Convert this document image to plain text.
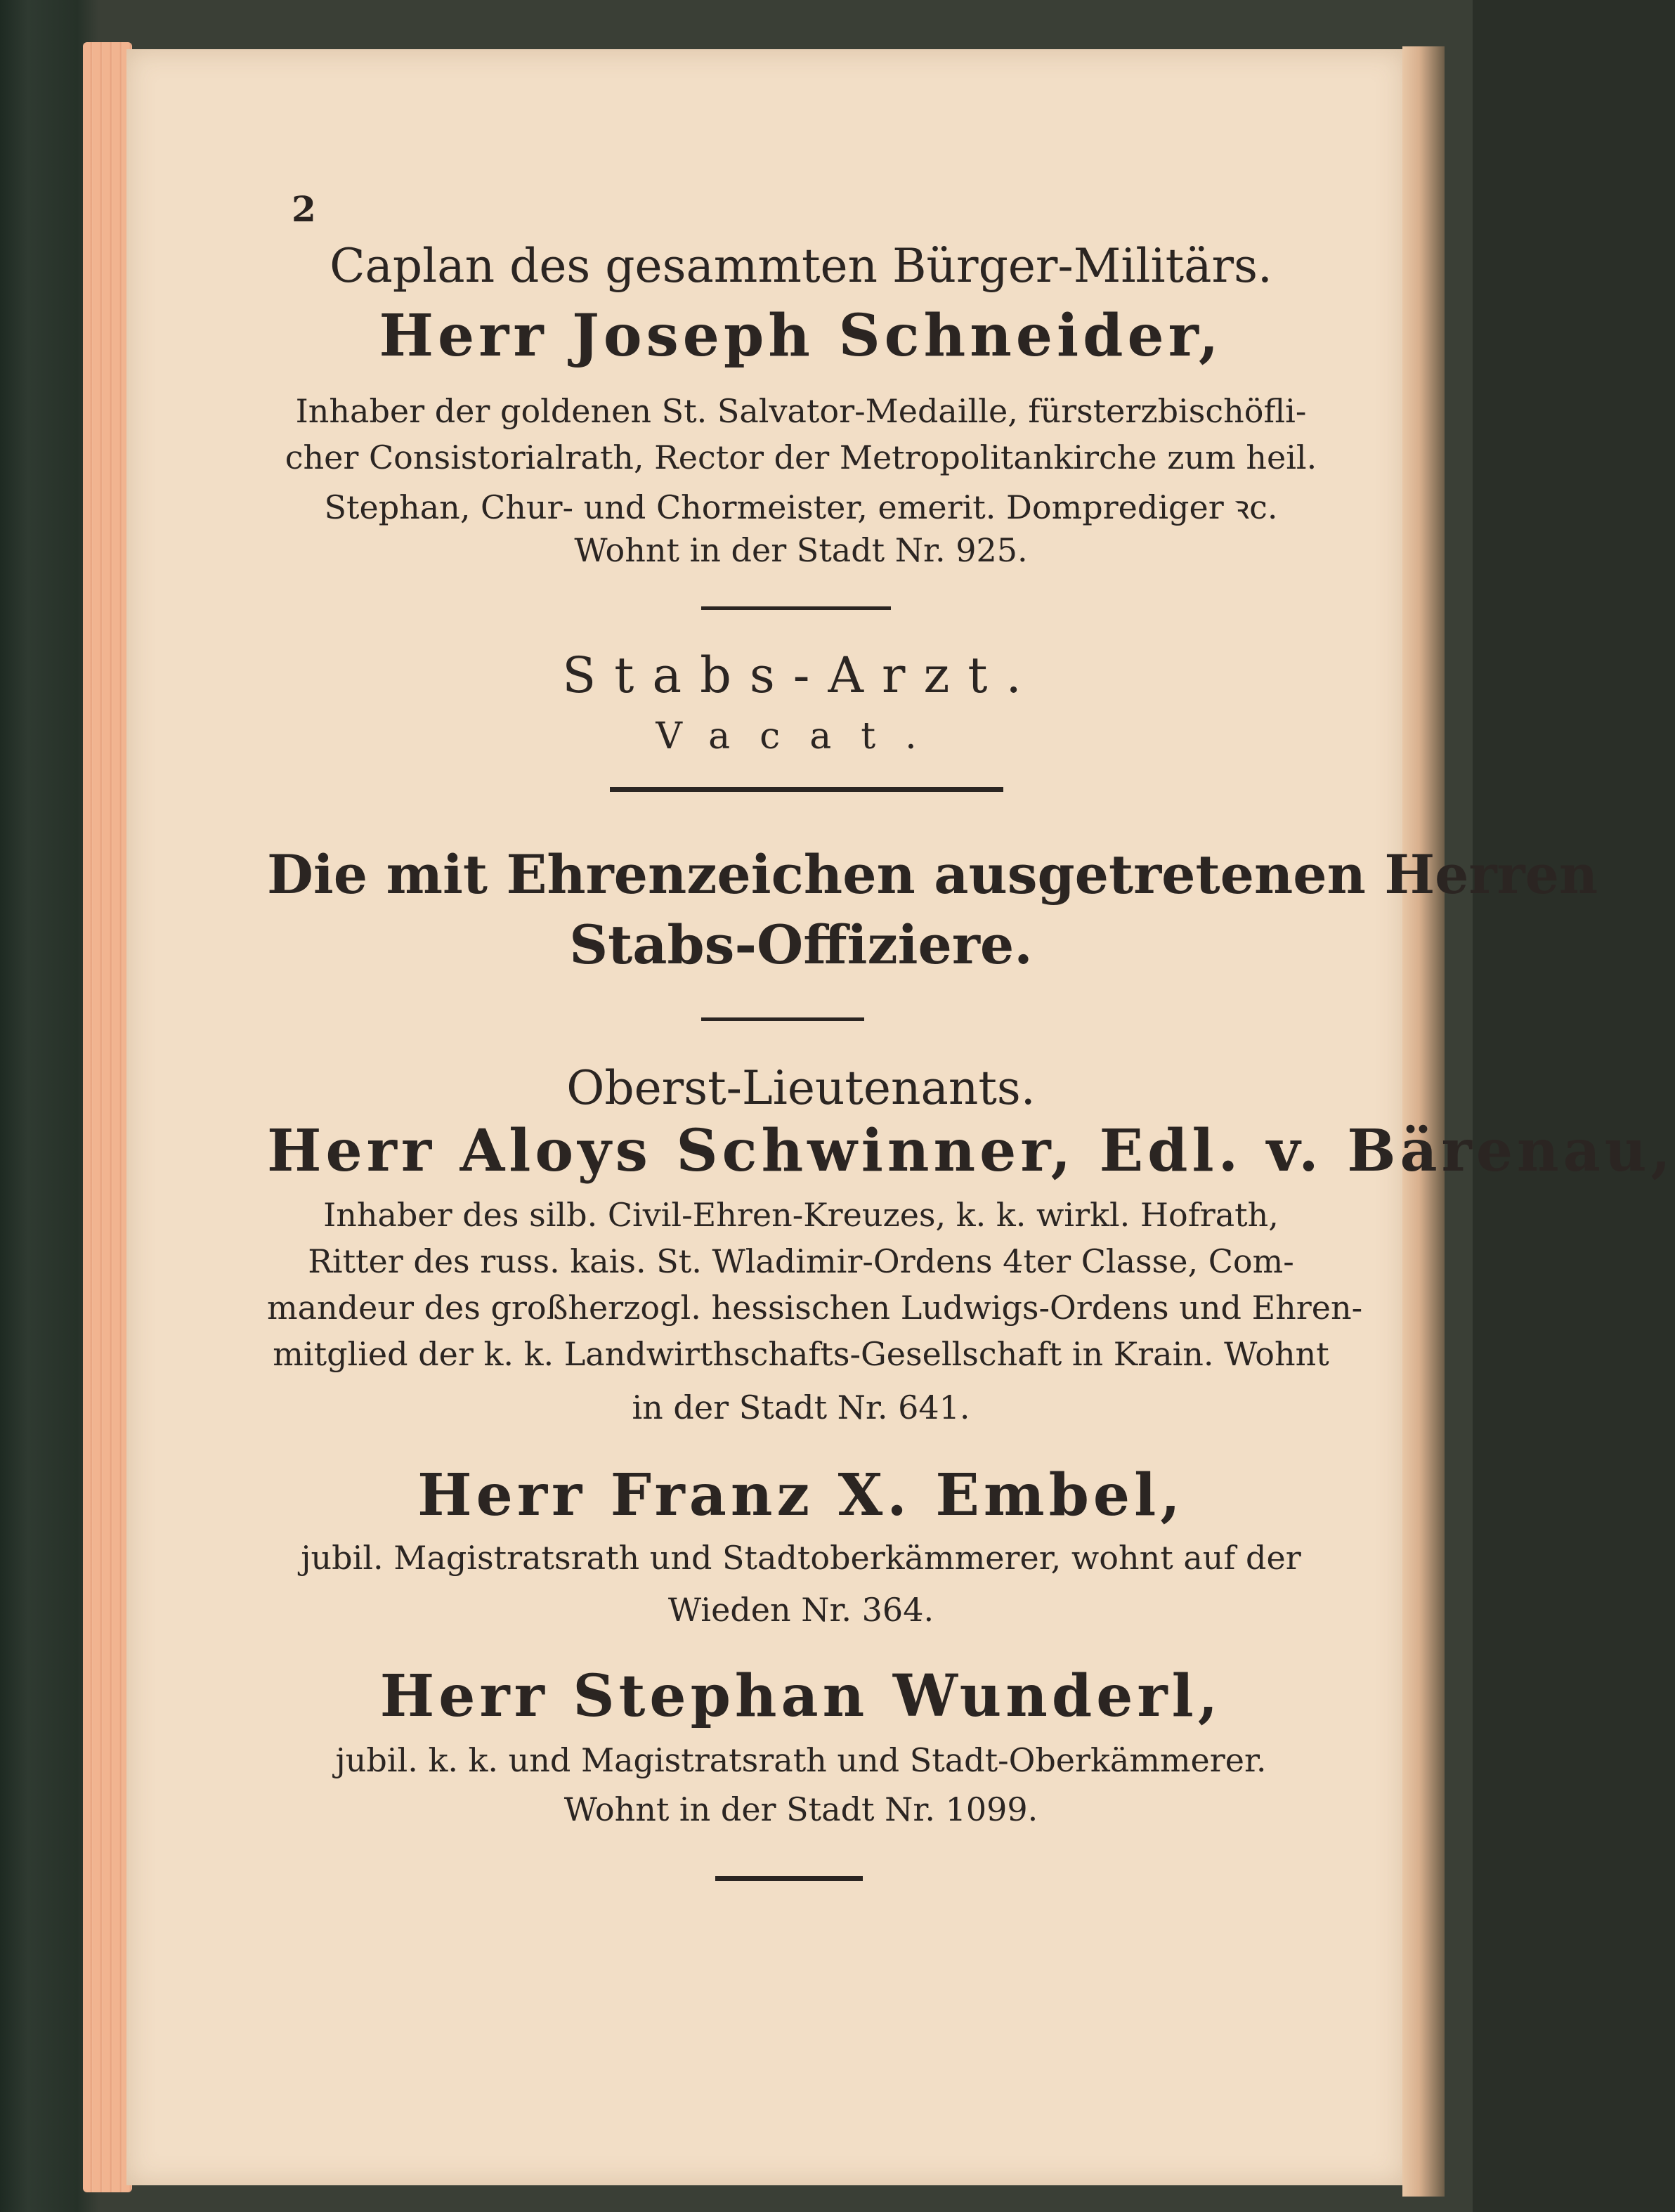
2
Caplan des gesammten Bürger-Militärs.
Herr Joseph Schneider,
Inhaber der goldenen St. Salvator-Medaille, fürsterzbischöfli-
cher Consistorialrath, Rector der Metropolitankirche zum heil.
Stephan, Chur- und Chormeister, emerit. Domprediger ꝛc.
Wohnt in der Stadt Nr. 925.
Stabs-Arzt.
Vacat.
Die mit Ehrenzeichen ausgetretenen Herren
Stabs-Offiziere.
Oberst-Lieutenants.
Herr Aloys Schwinner, Edl. v. Bärenau,
Inhaber des silb. Civil-Ehren-Kreuzes, k. k. wirkl. Hofrath,
Ritter des russ. kais. St. Wladimir-Ordens 4ter Classe, Com-
mandeur des großherzogl. hessischen Ludwigs-Ordens und Ehren-
mitglied der k. k. Landwirthschafts-Gesellschaft in Krain. Wohnt
in der Stadt Nr. 641.
Herr Franz X. Embel,
jubil. Magistratsrath und Stadtoberkämmerer, wohnt auf der
Wieden Nr. 364.
Herr Stephan Wunderl,
jubil. k. k. und Magistratsrath und Stadt-Oberkämmerer.
Wohnt in der Stadt Nr. 1099.
